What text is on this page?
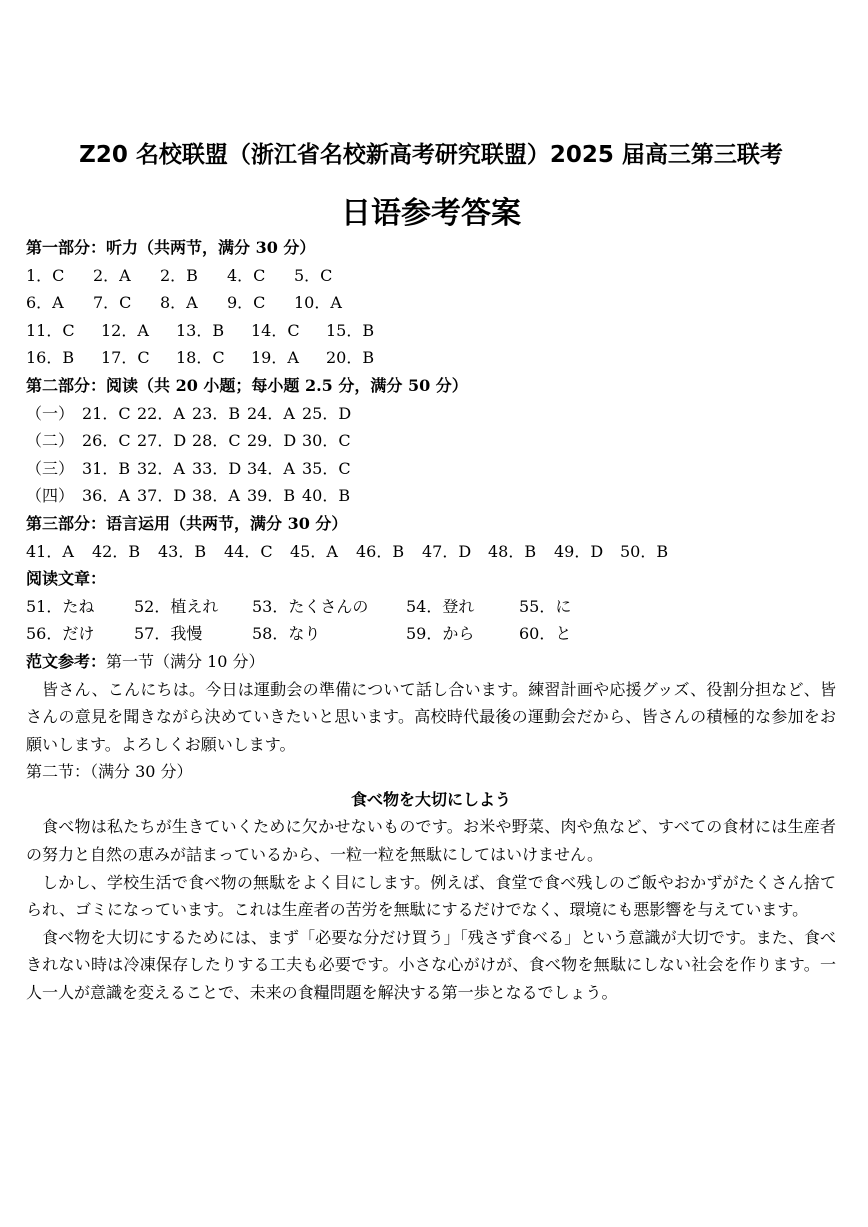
Z20 名校联盟（浙江省名校新高考研究联盟）2025 届高三第三联考
日语参考答案
第一部分：听力（共两节，满分 30 分）
1．C	2．A	2．B	4．C	5．C
6．A	7．C	8．A	9．C	10．A
11．C	12．A	13．B	14．C	15．B
16．B	17．C	18．C	19．A	20．B
第二部分：阅读（共 20 小题；每小题 2.5 分，满分 50 分）
（一） 21．C 22．A 23．B 24．A 25．D
（二） 26．C 27．D 28．C 29．D 30．C
（三） 31．B 32．A 33．D 34．A 35．C
（四） 36．A 37．D 38．A 39．B 40．B
第三部分：语言运用（共两节，满分 30 分）
41．A	42．B	43．B	44．C	45．A	46．B	47．D	48．B	49．D	50．B
阅读文章：
51．たね 52．植えれ 53．たくさんの 54．登れ	55．に
56．だけ 57．我慢	58．なり	59．から	60．と
范文参考：第一节（满分 10 分）

皆さん、こんにちは。今日は運動会の準備について話し合います。練習計画や応援グッズ、役割分担など、皆さんの意見を聞きながら決めていきたいと思います。高校時代最後の運動会だから、皆さんの積極的な参加をお願いします。よろしくお願いします。

第二节：（满分 30 分）
食べ物を大切にしよう

食べ物は私たちが生きていくために欠かせないものです。お米や野菜、肉や魚など、すべての食材には生産者の努力と自然の恵みが詰まっているから、一粒一粒を無駄にしてはいけません。

しかし、学校生活で食べ物の無駄をよく目にします。例えば、食堂で食べ残しのご飯やおかずがたくさん捨てられ、ゴミになっています。これは生産者の苦労を無駄にするだけでなく、環境にも悪影響を与えています。

食べ物を大切にするためには、まず「必要な分だけ買う」「残さず食べる」という意識が大切です。また、食べきれない時は冷凍保存したりする工夫も必要です。小さな心がけが、食べ物を無駄にしない社会を作ります。一人一人が意識を変えることで、未来の食糧問題を解決する第一歩となるでしょう。
